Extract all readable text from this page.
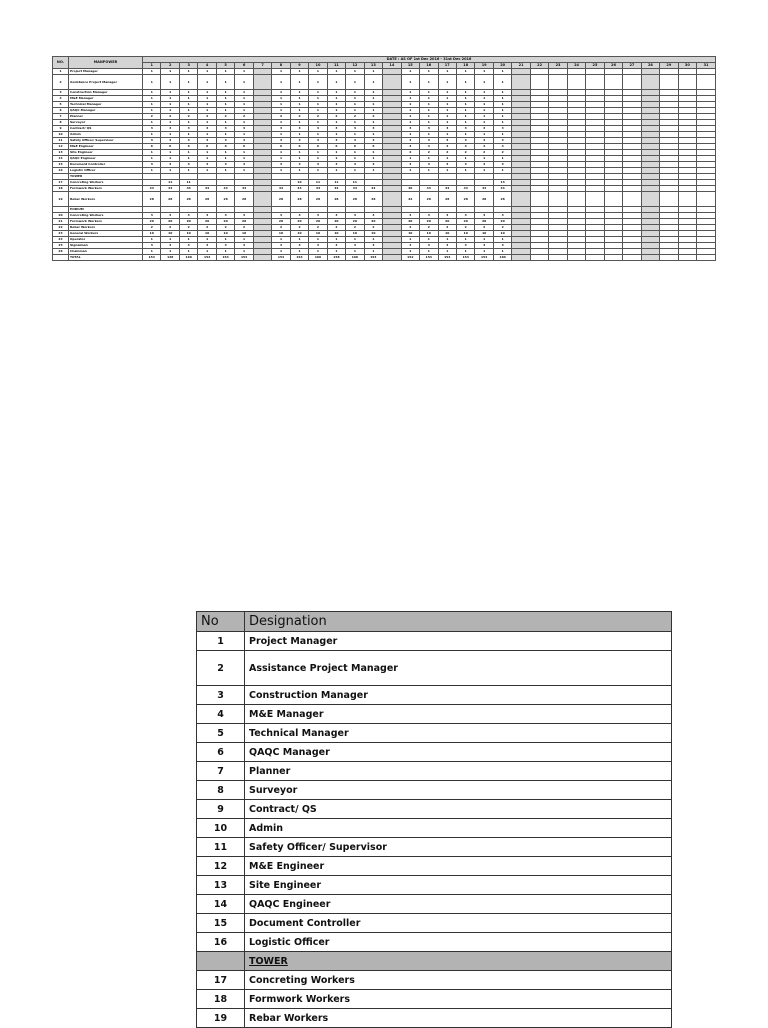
NO.	MANPOWER	DATE : AS OF 1st Dec 2016 - 31st Dec 2016																														
		1	2	3	4	5	6	7	8	9	10	11	12	13	14	15	16	17	18	19	20	21	22	23	24	25	26	27	28	29	30	31
1	Project Manager	1	1	1	1	1	1		1	1	1	1	1	1		1	1	1	1	1	1											
2	Assistance Project Manager	1	1	1	1	1	1		1	1	1	1	1	1		1	1	1	1	1	1											
3	Construction Manager	1	1	1	1	1	1		1	1	1	1	1	1		1	1	1	1	1	1											
4	M&E Manager	1	1	1	1	1	1		1	1	1	1	1	1		1	1	1	1	1	1											
5	Technical Manager	1	1	1	1	1	1		1	1	1	1	1	1		1	1	1	1	1	1											
6	QAQC Manager	1	1	1	1	1	1		1	1	1	1	1	1		1	1	1	1	1	1											
7	Planner	2	2	2	2	2	2		2	2	2	2	2	2		1	1	1	1	1	1											
8	Surveyor	1	1	1	1	1	1		1	1	1	1	1	1		1	1	1	1	1	1											
9	Contract/ QS	3	3	3	3	3	3		3	3	3	3	3	3		3	3	3	3	3	3											
10	Admin	1	1	1	1	1	1		1	1	1	1	1	1		1	1	1	1	1	1											
11	Safety Officer/ Supervisor	3	3	3	3	3	3		3	3	3	3	3	3		3	3	3	3	3	3											
12	M&E Engineer	6	6	6	6	6	6		6	6	6	6	6	6		4	4	4	4	4	4											
13	Site Engineer	1	1	1	1	1	1		1	1	1	1	1	1		2	2	2	2	2	2											
14	QAQC Engineer	1	1	1	1	1	1		1	1	1	1	1	1		1	1	1	1	1	1											
15	Document Controller	3	3	3	3	3	3		3	3	3	3	3	3		3	3	3	3	3	3											
16	Logistic Officer	1	1	1	1	1	1		1	1	1	1	1	1		1	1	1	1	1	1											
	TOWER																															
17	Concreting Workers		11	11						10	11	11	11								13											
18	Formwork Workers	44	44	44	44	44	44		44	44	44	44	44	44		40	44	44	44	44	44											
19	Rebar Workers	28	28	28	28	28	28		28	28	28	28	28	28		22	28	28	28	28	28											
	PODIUM																															
20	Concreting Workers	3	3	3	3	3	3		3	3	3	3	3	3		3	3	3	3	3	3											
21	Formwork Workers	20	20	20	20	20	20		20	20	20	20	20	20		20	20	20	20	20	20											
22	Rebar Workers	2	2	2	2	2	2		2	2	2	2	2	2		2	2	2	2	2	2											
23	General Workers	10	10	10	10	10	10		10	10	10	10	10	10		10	10	10	10	10	10											
24	Operator	1	1	1	1	1	1		1	1	1	1	1	1		1	1	1	1	1	1											
25	Signalman	3	3	3	3	3	3		3	3	3	3	3	3		3	3	3	3	3	3											
26	Chainman	1	1	1	1	1	1		1	1	1	1	1	1		1	1	1	1	1	1											
	TOTAL	154	148	160	154	154	154		154	154	160	158	160	154		152	154	154	154	154	160											
No	Designation
1	Project Manager
2	Assistance Project Manager
3	Construction Manager
4	M&E Manager
5	Technical Manager
6	QAQC Manager
7	Planner
8	Surveyor
9	Contract/ QS
10	Admin
11	Safety Officer/ Supervisor
12	M&E Engineer
13	Site Engineer
14	QAQC Engineer
15	Document Controller
16	Logistic Officer
	TOWER
17	Concreting Workers
18	Formwork Workers
19	Rebar Workers
